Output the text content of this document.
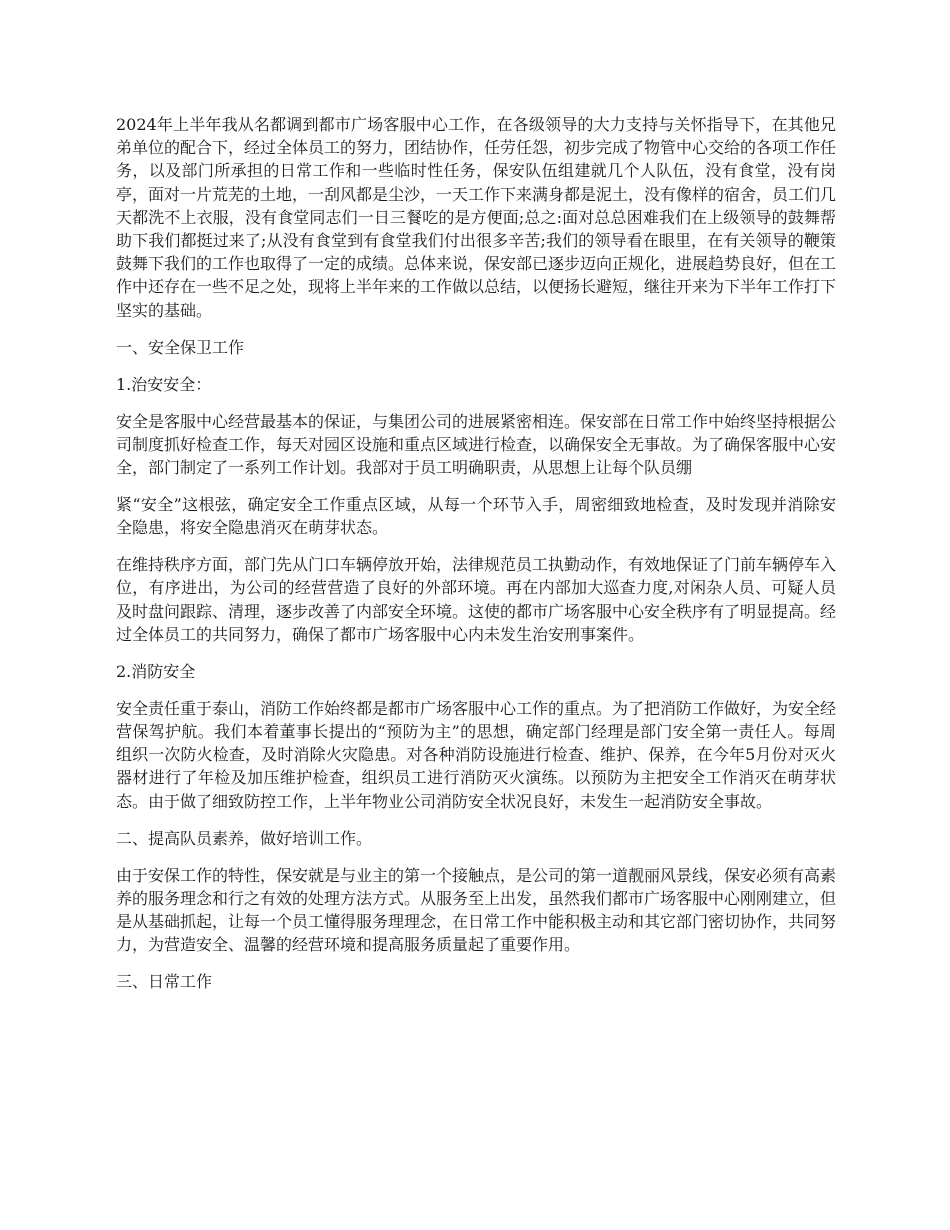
2024年上半年我从名都调到都市广场客服中心工作，在各级领导的大力支持与关怀指导下，在其他兄弟单位的配合下，经过全体员工的努力，团结协作，任劳任怨，初步完成了物管中心交给的各项工作任务，以及部门所承担的日常工作和一些临时性任务，保安队伍组建就几个人队伍，没有食堂，没有岗亭，面对一片荒芜的土地，一刮风都是尘沙，一天工作下来满身都是泥土，没有像样的宿舍，员工们几天都洗不上衣服，没有食堂同志们一日三餐吃的是方便面;总之:面对总总困难我们在上级领导的鼓舞帮助下我们都挺过来了;从没有食堂到有食堂我们付出很多辛苦;我们的领导看在眼里，在有关领导的鞭策鼓舞下我们的工作也取得了一定的成绩。总体来说，保安部已逐步迈向正规化，进展趋势良好，但在工作中还存在一些不足之处，现将上半年来的工作做以总结，以便扬长避短，继往开来为下半年工作打下坚实的基础。

一、安全保卫工作

1.治安安全：

安全是客服中心经营最基本的保证，与集团公司的进展紧密相连。保安部在日常工作中始终坚持根据公司制度抓好检查工作，每天对园区设施和重点区域进行检查，以确保安全无事故。为了确保客服中心安全，部门制定了一系列工作计划。我部对于员工明确职责，从思想上让每个队员绷

紧“安全”这根弦，确定安全工作重点区域，从每一个环节入手，周密细致地检查，及时发现并消除安全隐患，将安全隐患消灭在萌芽状态。

在维持秩序方面，部门先从门口车辆停放开始，法律规范员工执勤动作，有效地保证了门前车辆停车入位，有序进出，为公司的经营营造了良好的外部环境。再在内部加大巡查力度,对闲杂人员、可疑人员及时盘问跟踪、清理，逐步改善了内部安全环境。这使的都市广场客服中心安全秩序有了明显提高。经过全体员工的共同努力，确保了都市广场客服中心内未发生治安刑事案件。

2.消防安全

安全责任重于泰山，消防工作始终都是都市广场客服中心工作的重点。为了把消防工作做好，为安全经营保驾护航。我们本着董事长提出的“预防为主”的思想，确定部门经理是部门安全第一责任人。每周组织一次防火检查，及时消除火灾隐患。对各种消防设施进行检查、维护、保养，在今年5月份对灭火器材进行了年检及加压维护检查，组织员工进行消防灭火演练。以预防为主把安全工作消灭在萌芽状态。由于做了细致防控工作，上半年物业公司消防安全状况良好，未发生一起消防安全事故。

二、提高队员素养，做好培训工作。

由于安保工作的特性，保安就是与业主的第一个接触点，是公司的第一道靓丽风景线，保安必须有高素养的服务理念和行之有效的处理方法方式。从服务至上出发，虽然我们都市广场客服中心刚刚建立，但是从基础抓起，让每一个员工懂得服务理理念，在日常工作中能积极主动和其它部门密切协作，共同努力，为营造安全、温馨的经营环境和提高服务质量起了重要作用。

三、日常工作
